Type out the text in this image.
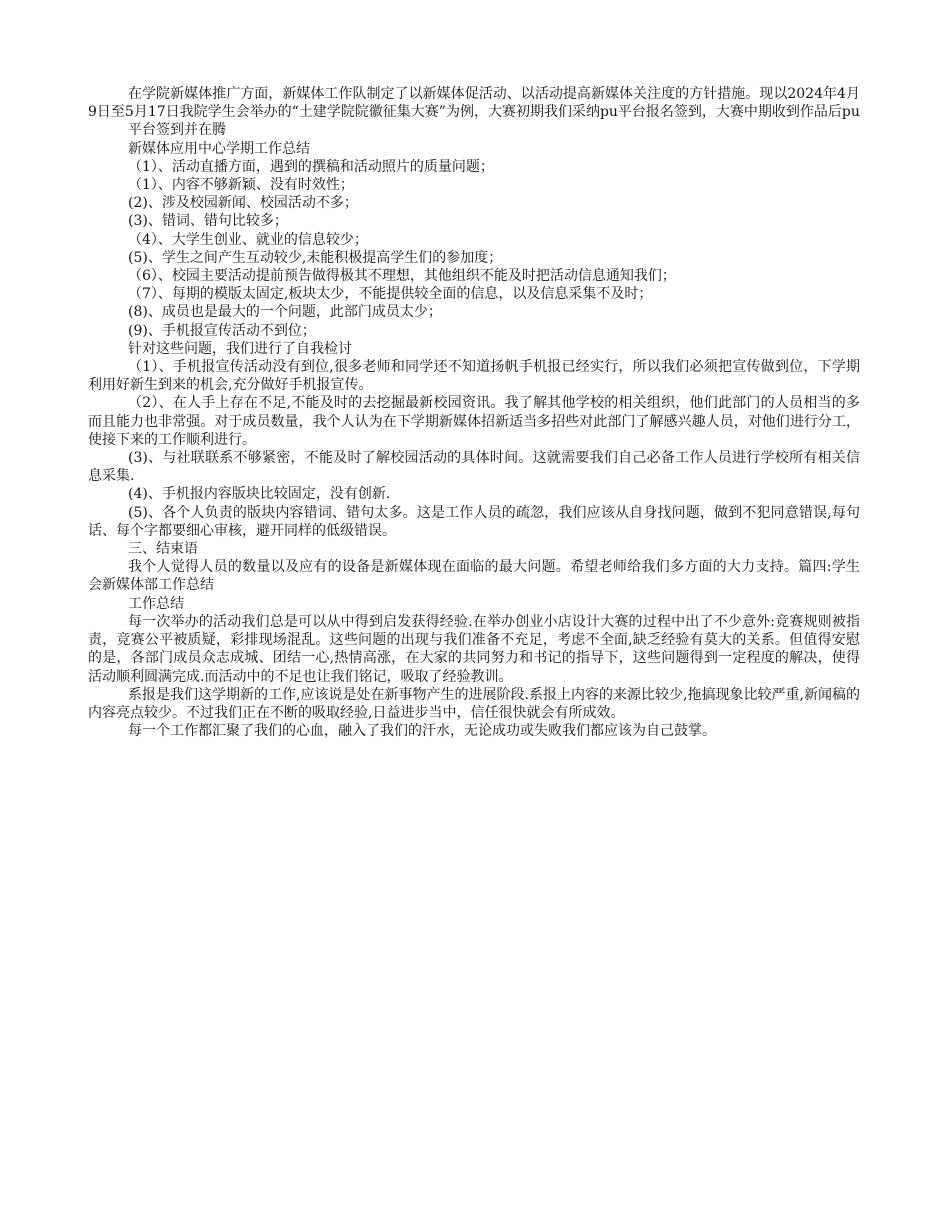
在学院新媒体推广方面，新媒体工作队制定了以新媒体促活动、以活动提高新媒体关注度的方针措施。现以2024年4月9日至5月17日我院学生会举办的“土建学院院徽征集大赛”为例，大赛初期我们采纳pu平台报名签到，大赛中期收到作品后pu

平台签到并在腾

新媒体应用中心学期工作总结

（1）、活动直播方面，遇到的撰稿和活动照片的质量问题；

（1）、内容不够新颖、没有时效性；

(2)、涉及校园新闻、校园活动不多；

(3)、错词、错句比较多；

（4）、大学生创业、就业的信息较少；

(5)、学生之间产生互动较少,未能积极提高学生们的参加度；

（6）、校园主要活动提前预告做得极其不理想，其他组织不能及时把活动信息通知我们；

（7）、每期的模版太固定,板块太少，不能提供较全面的信息，以及信息采集不及时；

(8)、成员也是最大的一个问题，此部门成员太少；

(9)、手机报宣传活动不到位；

针对这些问题，我们进行了自我检讨

（1）、手机报宣传活动没有到位,很多老师和同学还不知道扬帆手机报已经实行，所以我们必须把宣传做到位，下学期利用好新生到来的机会,充分做好手机报宣传。

（2）、在人手上存在不足,不能及时的去挖掘最新校园资讯。我了解其他学校的相关组织，他们此部门的人员相当的多而且能力也非常强。对于成员数量，我个人认为在下学期新媒体招新适当多招些对此部门了解感兴趣人员，对他们进行分工，使接下来的工作顺利进行。

(3)、与社联联系不够紧密，不能及时了解校园活动的具体时间。这就需要我们自己必备工作人员进行学校所有相关信息采集.

(4)、手机报内容版块比较固定，没有创新.

(5)、各个人负责的版块内容错词、错句太多。这是工作人员的疏忽，我们应该从自身找问题，做到不犯同意错误,每句话、每个字都要细心审核，避开同样的低级错误。

三、结束语

我个人觉得人员的数量以及应有的设备是新媒体现在面临的最大问题。希望老师给我们多方面的大力支持。篇四:学生会新媒体部工作总结

工作总结

每一次举办的活动我们总是可以从中得到启发获得经验.在举办创业小店设计大赛的过程中出了不少意外:竞赛规则被指责，竞赛公平被质疑，彩排现场混乱。这些问题的出现与我们准备不充足，考虑不全面,缺乏经验有莫大的关系。但值得安慰的是，各部门成员众志成城、团结一心,热情高涨，在大家的共同努力和书记的指导下，这些问题得到一定程度的解决，使得活动顺利圆满完成.而活动中的不足也让我们铭记，吸取了经验教训。

系报是我们这学期新的工作,应该说是处在新事物产生的进展阶段.系报上内容的来源比较少,拖搞现象比较严重,新闻稿的内容亮点较少。不过我们正在不断的吸取经验,日益进步当中，信任很快就会有所成效。

每一个工作都汇聚了我们的心血，融入了我们的汗水，无论成功或失败我们都应该为自己鼓掌。
